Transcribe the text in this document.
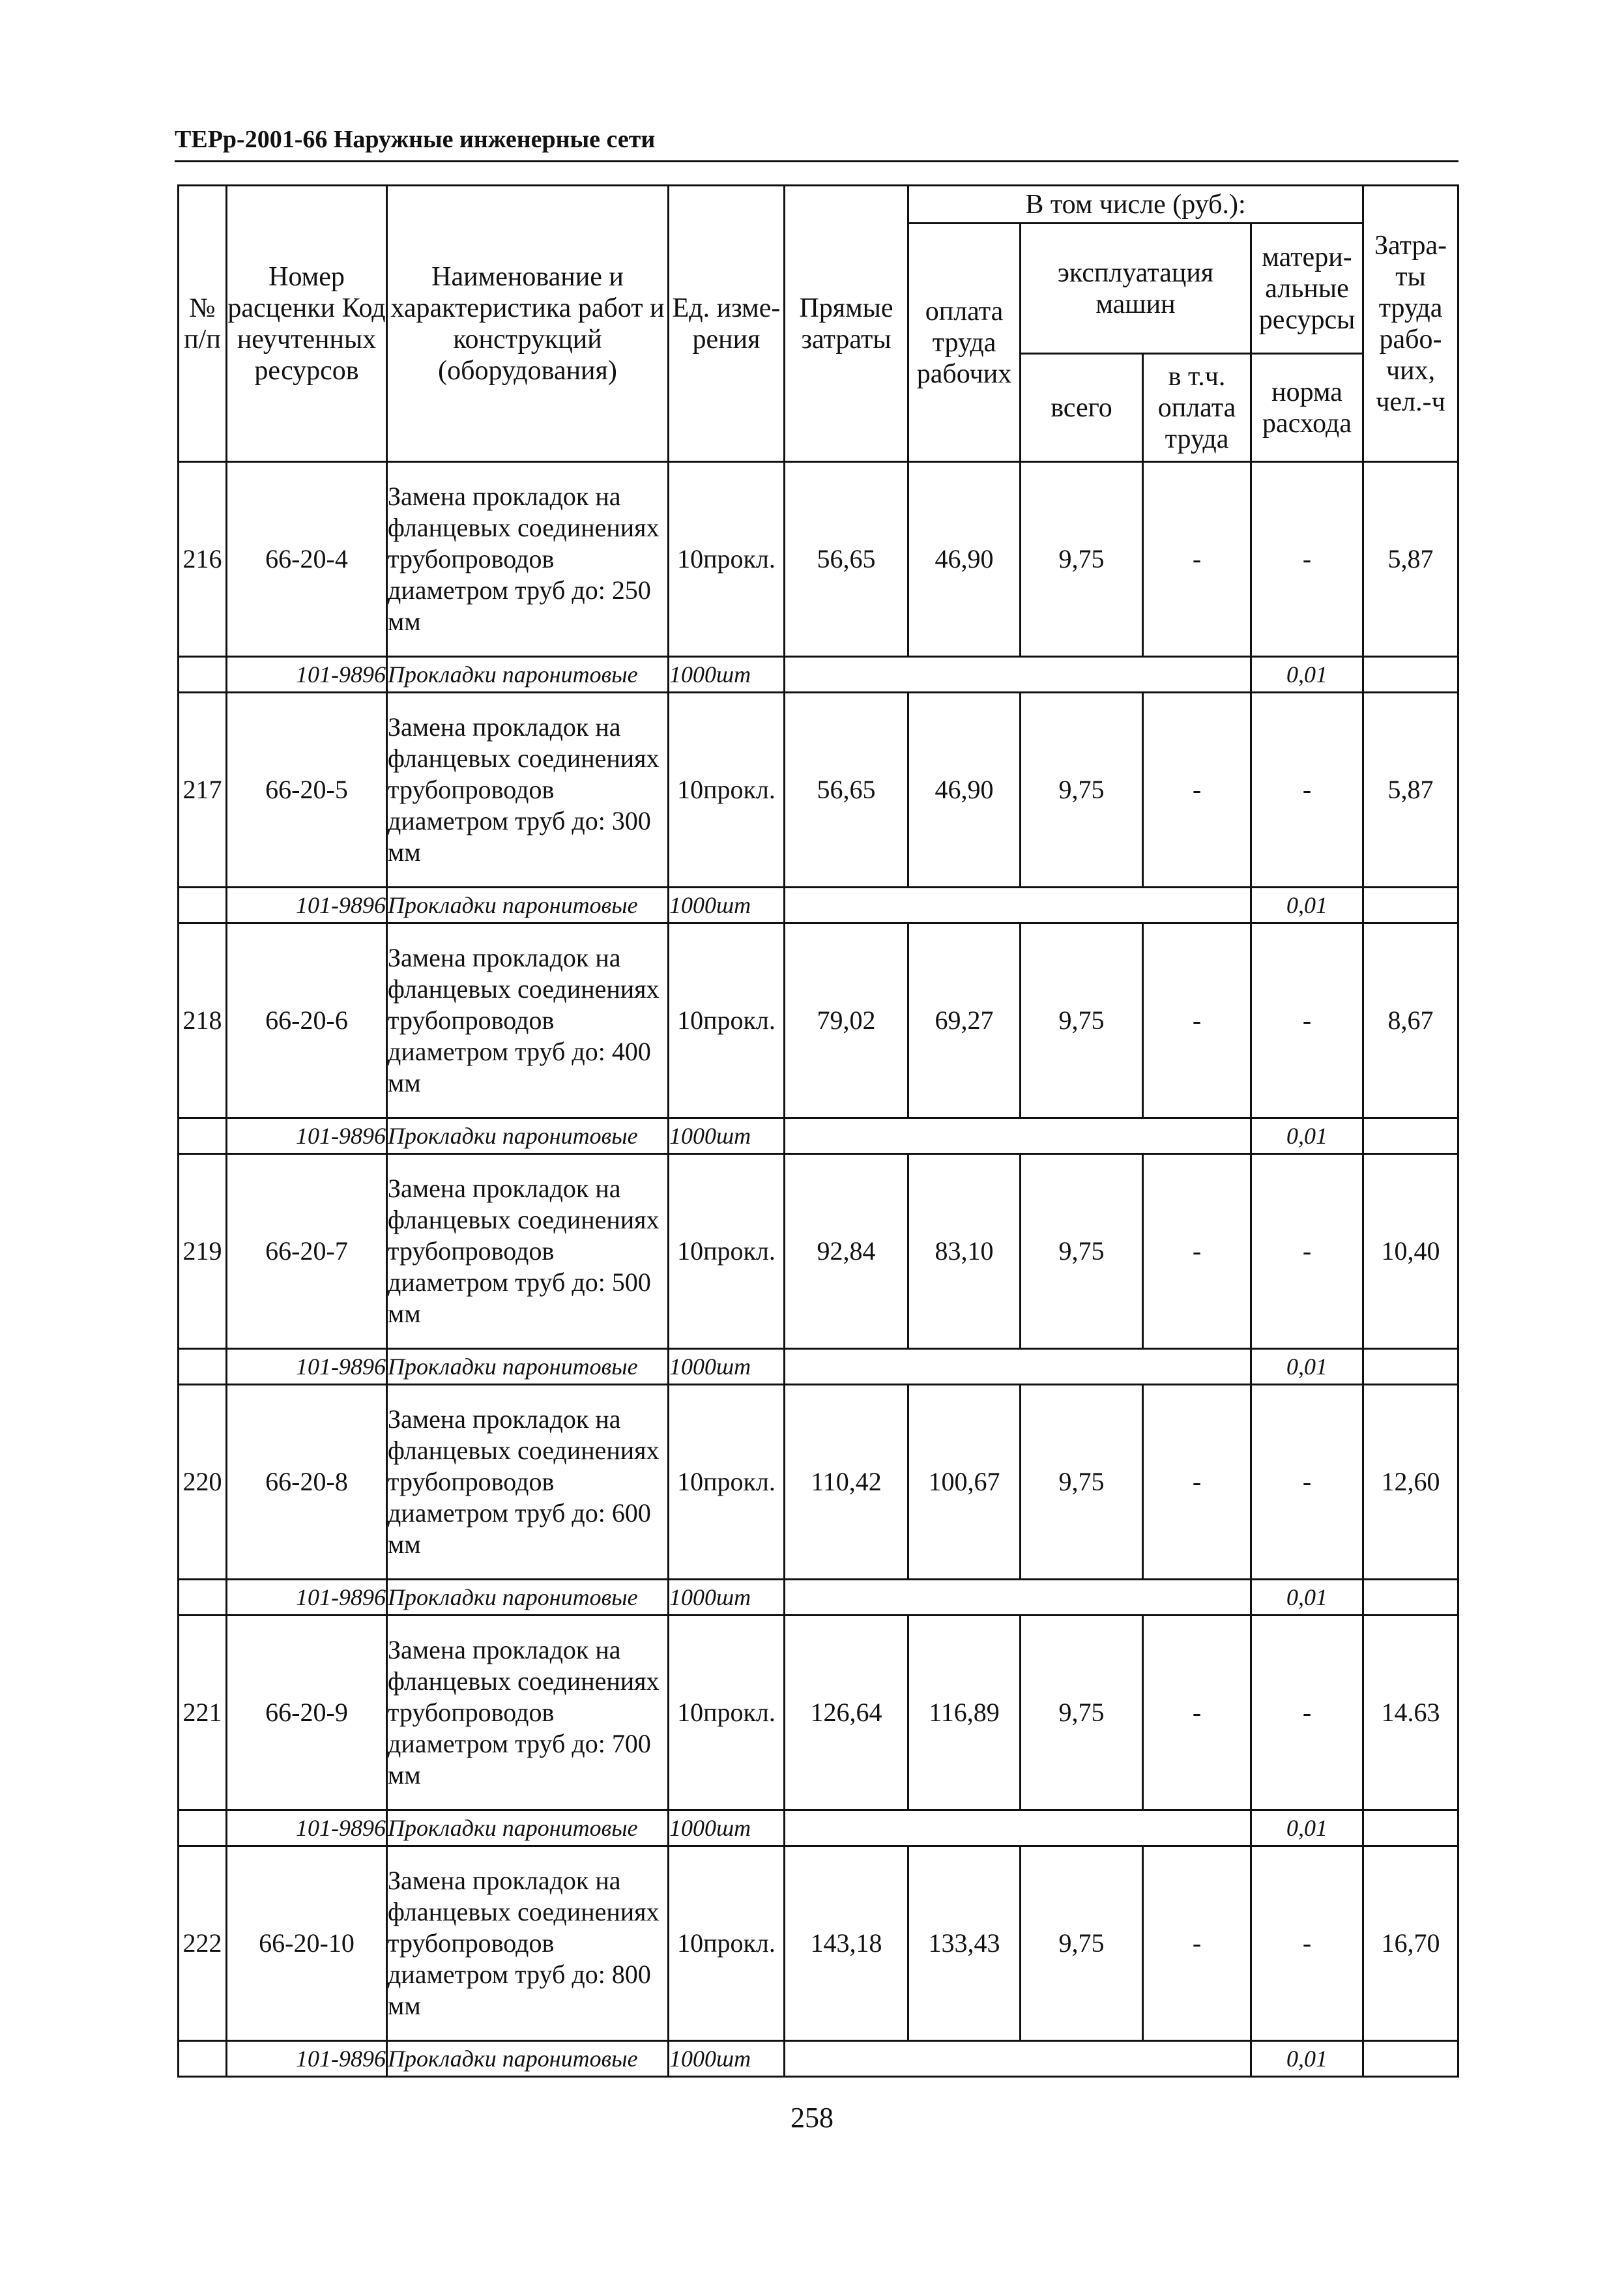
ТЕРр-2001-66 Наружные инженерные сети
№ п/п	Номер расценки Код неучтенных ресурсов	Наименование и характеристика работ и конструкций (оборудования)	Ед. изме-рения	Прямые затраты	В том числе (руб.):				Затра-ты труда рабо-чих, чел.-ч
					оплата труда рабочих	эксплуатация машин		матери-альные ресурсы	
						всего	в т.ч. оплата труда	норма расхода	
216	66-20-4	Замена прокладок на фланцевых соединениях трубопроводов диаметром труб до: 250 мм	10прокл.	56,65	46,90	9,75	-	-	5,87
	101-9896	Прокладки паронитовые	1000шт					0,01	
217	66-20-5	Замена прокладок на фланцевых соединениях трубопроводов диаметром труб до: 300 мм	10прокл.	56,65	46,90	9,75	-	-	5,87
	101-9896	Прокладки паронитовые	1000шт					0,01	
218	66-20-6	Замена прокладок на фланцевых соединениях трубопроводов диаметром труб до: 400 мм	10прокл.	79,02	69,27	9,75	-	-	8,67
	101-9896	Прокладки паронитовые	1000шт					0,01	
219	66-20-7	Замена прокладок на фланцевых соединениях трубопроводов диаметром труб до: 500 мм	10прокл.	92,84	83,10	9,75	-	-	10,40
	101-9896	Прокладки паронитовые	1000шт					0,01	
220	66-20-8	Замена прокладок на фланцевых соединениях трубопроводов диаметром труб до: 600 мм	10прокл.	110,42	100,67	9,75	-	-	12,60
	101-9896	Прокладки паронитовые	1000шт					0,01	
221	66-20-9	Замена прокладок на фланцевых соединениях трубопроводов диаметром труб до: 700 мм	10прокл.	126,64	116,89	9,75	-	-	14.63
	101-9896	Прокладки паронитовые	1000шт					0,01	
222	66-20-10	Замена прокладок на фланцевых соединениях трубопроводов диаметром труб до: 800 мм	10прокл.	143,18	133,43	9,75	-	-	16,70
	101-9896	Прокладки паронитовые	1000шт					0,01	
258
